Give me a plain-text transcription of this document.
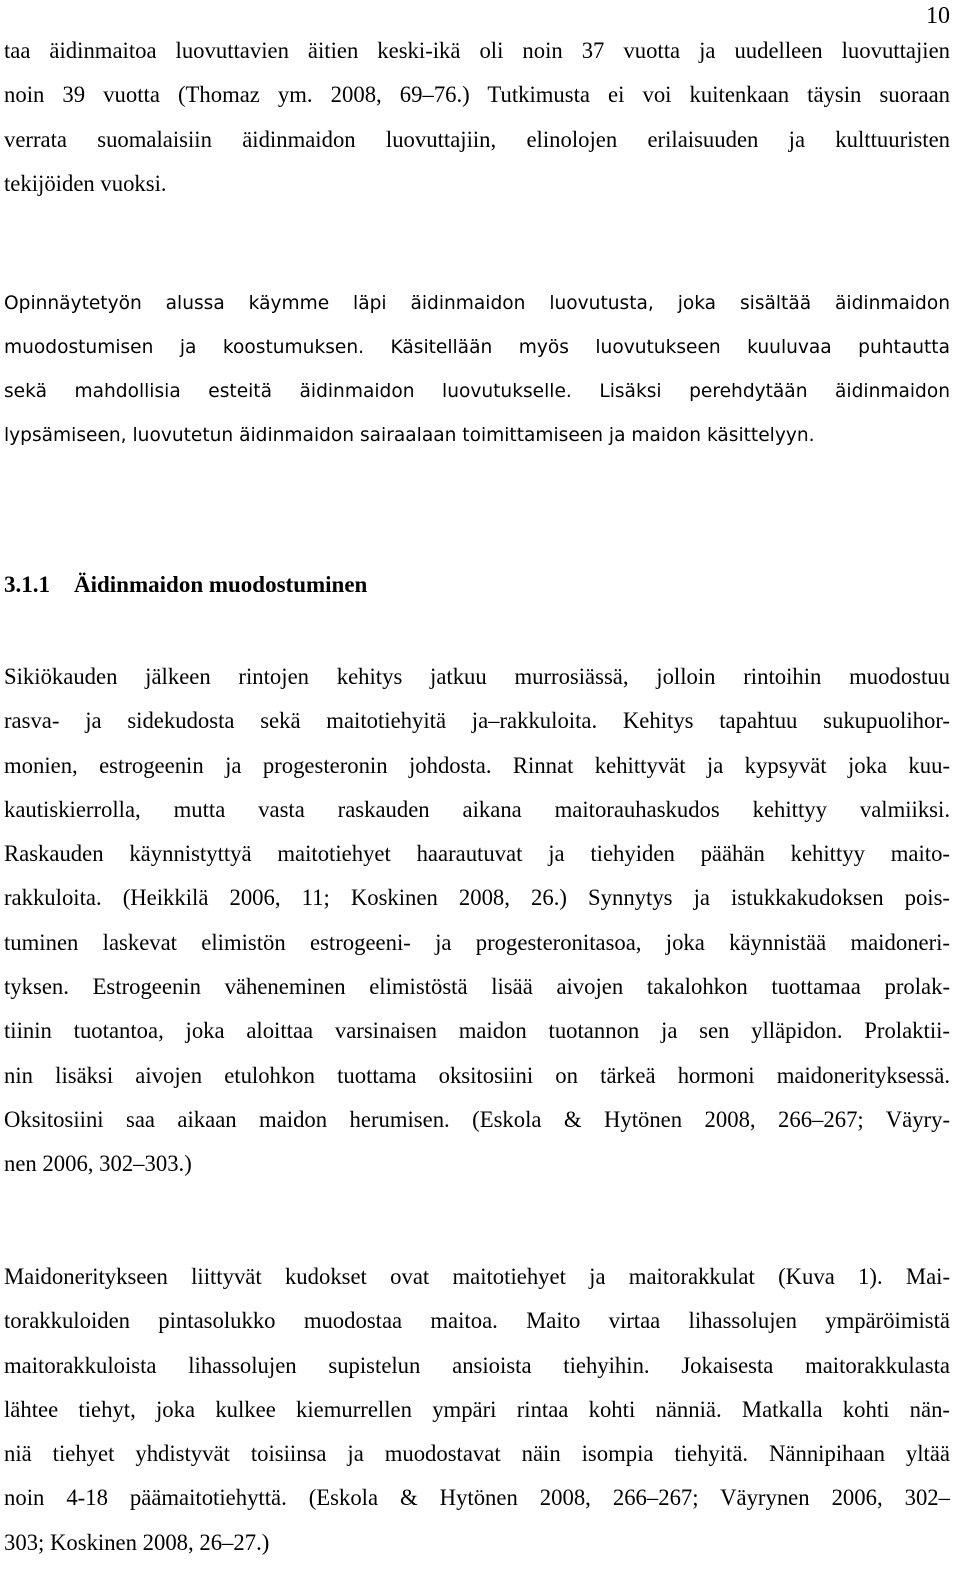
10
taa äidinmaitoa luovuttavien äitien keski-ikä oli noin 37 vuotta ja uudelleen luovuttajien
noin 39 vuotta (Thomaz ym. 2008, 69–76.) Tutkimusta ei voi kuitenkaan täysin suoraan
verrata suomalaisiin äidinmaidon luovuttajiin, elinolojen erilaisuuden ja kulttuuristen
tekijöiden vuoksi.
Opinnäytetyön alussa käymme läpi äidinmaidon luovutusta, joka sisältää äidinmaidon
muodostumisen ja koostumuksen. Käsitellään myös luovutukseen kuuluvaa puhtautta
sekä mahdollisia esteitä äidinmaidon luovutukselle. Lisäksi perehdytään äidinmaidon
lypsämiseen, luovutetun äidinmaidon sairaalaan toimittamiseen ja maidon käsittelyyn.
3.1.1 Äidinmaidon muodostuminen
Sikiökauden jälkeen rintojen kehitys jatkuu murrosiässä, jolloin rintoihin muodostuu
rasva- ja sidekudosta sekä maitotiehyitä ja–rakkuloita. Kehitys tapahtuu sukupuolihor-
monien, estrogeenin ja progesteronin johdosta. Rinnat kehittyvät ja kypsyvät joka kuu-
kautiskierrolla, mutta vasta raskauden aikana maitorauhaskudos kehittyy valmiiksi.
Raskauden käynnistyttyä maitotiehyet haarautuvat ja tiehyiden päähän kehittyy maito-
rakkuloita. (Heikkilä 2006, 11; Koskinen 2008, 26.) Synnytys ja istukkakudoksen pois-
tuminen laskevat elimistön estrogeeni- ja progesteronitasoa, joka käynnistää maidoneri-
tyksen. Estrogeenin väheneminen elimistöstä lisää aivojen takalohkon tuottamaa prolak-
tiinin tuotantoa, joka aloittaa varsinaisen maidon tuotannon ja sen ylläpidon. Prolaktii-
nin lisäksi aivojen etulohkon tuottama oksitosiini on tärkeä hormoni maidonerityksessä.
Oksitosiini saa aikaan maidon herumisen. (Eskola & Hytönen 2008, 266–267; Väyry-
nen 2006, 302–303.)
Maidoneritykseen liittyvät kudokset ovat maitotiehyet ja maitorakkulat (Kuva 1). Mai-
torakkuloiden pintasolukko muodostaa maitoa. Maito virtaa lihassolujen ympäröimistä
maitorakkuloista lihassolujen supistelun ansioista tiehyihin. Jokaisesta maitorakkulasta
lähtee tiehyt, joka kulkee kiemurrellen ympäri rintaa kohti nänniä. Matkalla kohti nän-
niä tiehyet yhdistyvät toisiinsa ja muodostavat näin isompia tiehyitä. Nännipihaan yltää
noin 4-18 päämaitotiehyttä. (Eskola & Hytönen 2008, 266–267; Väyrynen 2006, 302–
303; Koskinen 2008, 26–27.)
